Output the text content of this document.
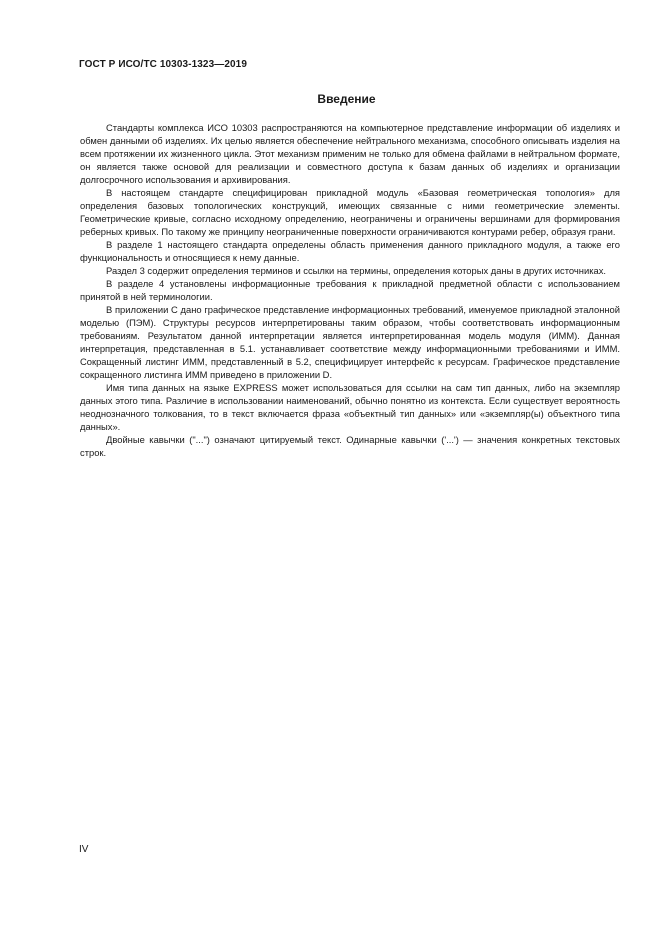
ГОСТ Р ИСО/ТС 10303-1323—2019
Введение

Стандарты комплекса ИСО 10303 распространяются на компьютерное представление информации об изделиях и обмен данными об изделиях. Их целью является обеспечение нейтрального механизма, способного описывать изделия на всем протяжении их жизненного цикла. Этот механизм применим не только для обмена файлами в нейтральном формате, он является также основой для реализации и совместного доступа к базам данных об изделиях и организации долгосрочного использования и архивирования.

В настоящем стандарте специфицирован прикладной модуль «Базовая геометрическая топология» для определения базовых топологических конструкций, имеющих связанные с ними геометрические элементы. Геометрические кривые, согласно исходному определению, неограничены и ограничены вершинами для формирования реберных кривых. По такому же принципу неограниченные поверхности ограничиваются контурами ребер, образуя грани.

В разделе 1 настоящего стандарта определены область применения данного прикладного модуля, а также его функциональность и относящиеся к нему данные.

Раздел 3 содержит определения терминов и ссылки на термины, определения которых даны в других источниках.

В разделе 4 установлены информационные требования к прикладной предметной области с использованием принятой в ней терминологии.

В приложении С дано графическое представление информационных требований, именуемое прикладной эталонной моделью (ПЭМ). Структуры ресурсов интерпретированы таким образом, чтобы соответствовать информационным требованиям. Результатом данной интерпретации является интерпретированная модель модуля (ИММ). Данная интерпретация, представленная в 5.1. устанавливает соответствие между информационными требованиями и ИММ. Сокращенный листинг ИММ, представленный в 5.2, специфицирует интерфейс к ресурсам. Графическое представление сокращенного листинга ИММ приведено в приложении D.

Имя типа данных на языке EXPRESS может использоваться для ссылки на сам тип данных, либо на экземпляр данных этого типа. Различие в использовании наименований, обычно понятно из контекста. Если существует вероятность неоднозначного толкования, то в текст включается фраза «объектный тип данных» или «экземпляр(ы) объектного типа данных».

Двойные кавычки ("...") означают цитируемый текст. Одинарные кавычки ('...') — значения конкретных текстовых строк.

IV
